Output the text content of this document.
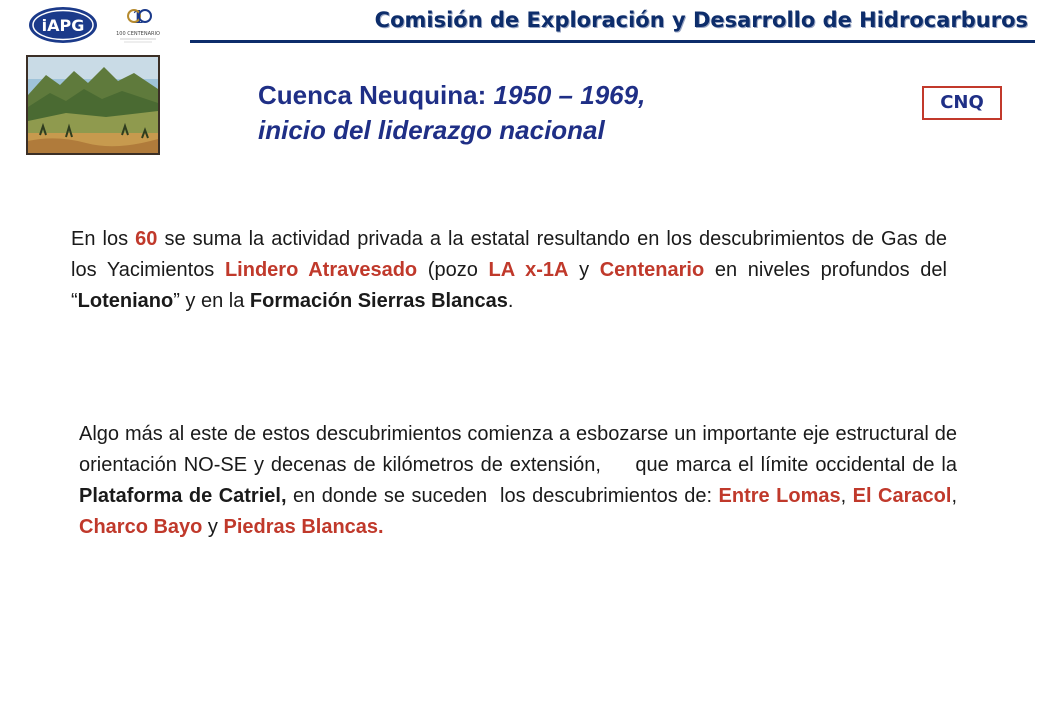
iAPG	1
100 CENTENARIO
Comisión de Exploración y Desarrollo de Hidrocarburos
Cuenca Neuquina: 1950 – 1969,
inicio del liderazgo nacional
CNQ
En los 60 se suma la actividad privada a la estatal resultando en los descubrimientos de Gas de los Yacimientos Lindero Atravesado (pozo LA x-1A y Centenario en niveles profundos del “Loteniano” y en la Formación Sierras Blancas.
Algo más al este de estos descubrimientos comienza a esbozarse un importante eje estructural de orientación NO-SE y decenas de kilómetros de extensión,     que marca el límite occidental de la Plataforma de Catriel, en donde se suceden  los descubrimientos de: Entre Lomas, El Caracol, Charco Bayo y Piedras Blancas.
